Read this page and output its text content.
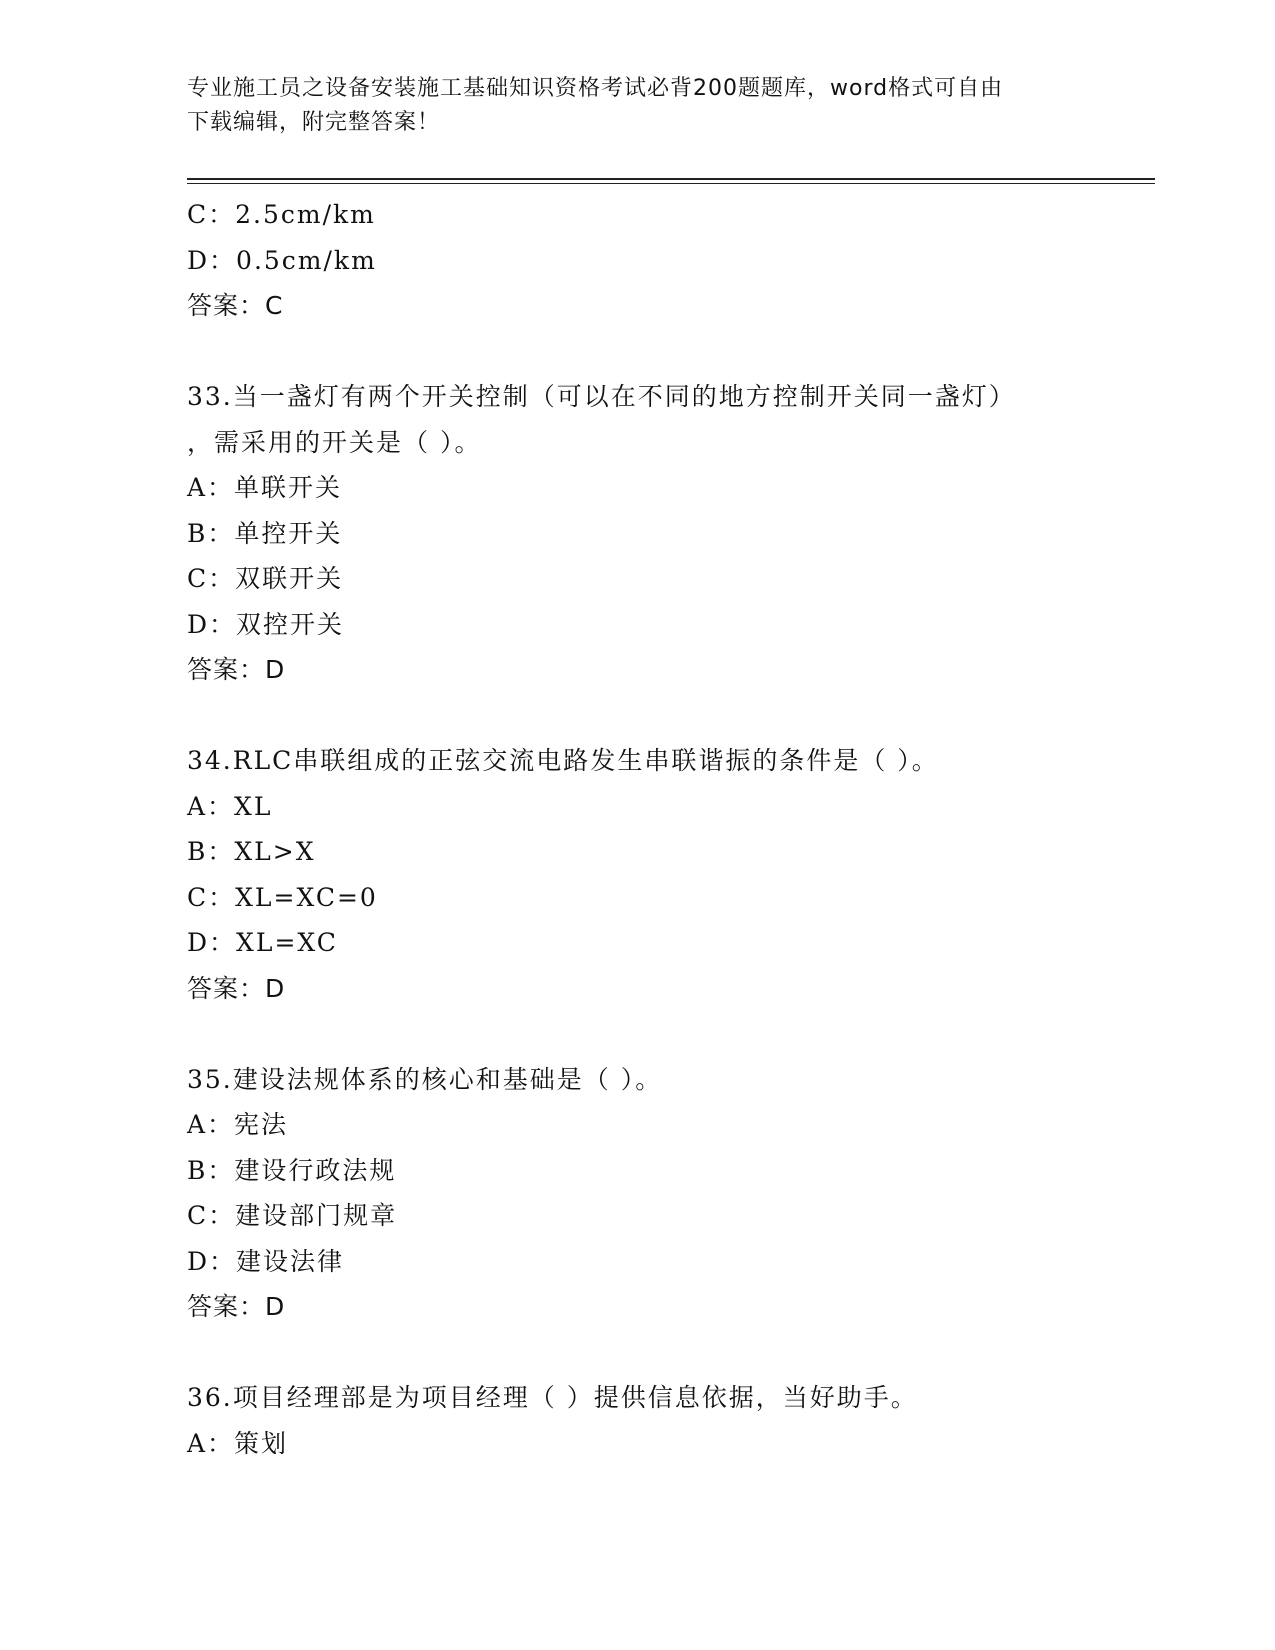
专业施工员之设备安装施工基础知识资格考试必背200题题库，word格式可自由
下载编辑，附完整答案！
C：2.5cm/km
D：0.5cm/km
答案：C
33.当一盏灯有两个开关控制（可以在不同的地方控制开关同一盏灯）
，需采用的开关是（ ）。
A：单联开关
B：单控开关
C：双联开关
D：双控开关
答案：D
34.RLC串联组成的正弦交流电路发生串联谐振的条件是（ ）。
A：XL
B：XL>X
C：XL=XC=0
D：XL=XC
答案：D
35.建设法规体系的核心和基础是（ ）。
A：宪法
B：建设行政法规
C：建设部门规章
D：建设法律
答案：D
36.项目经理部是为项目经理（ ）提供信息依据，当好助手。
A：策划
